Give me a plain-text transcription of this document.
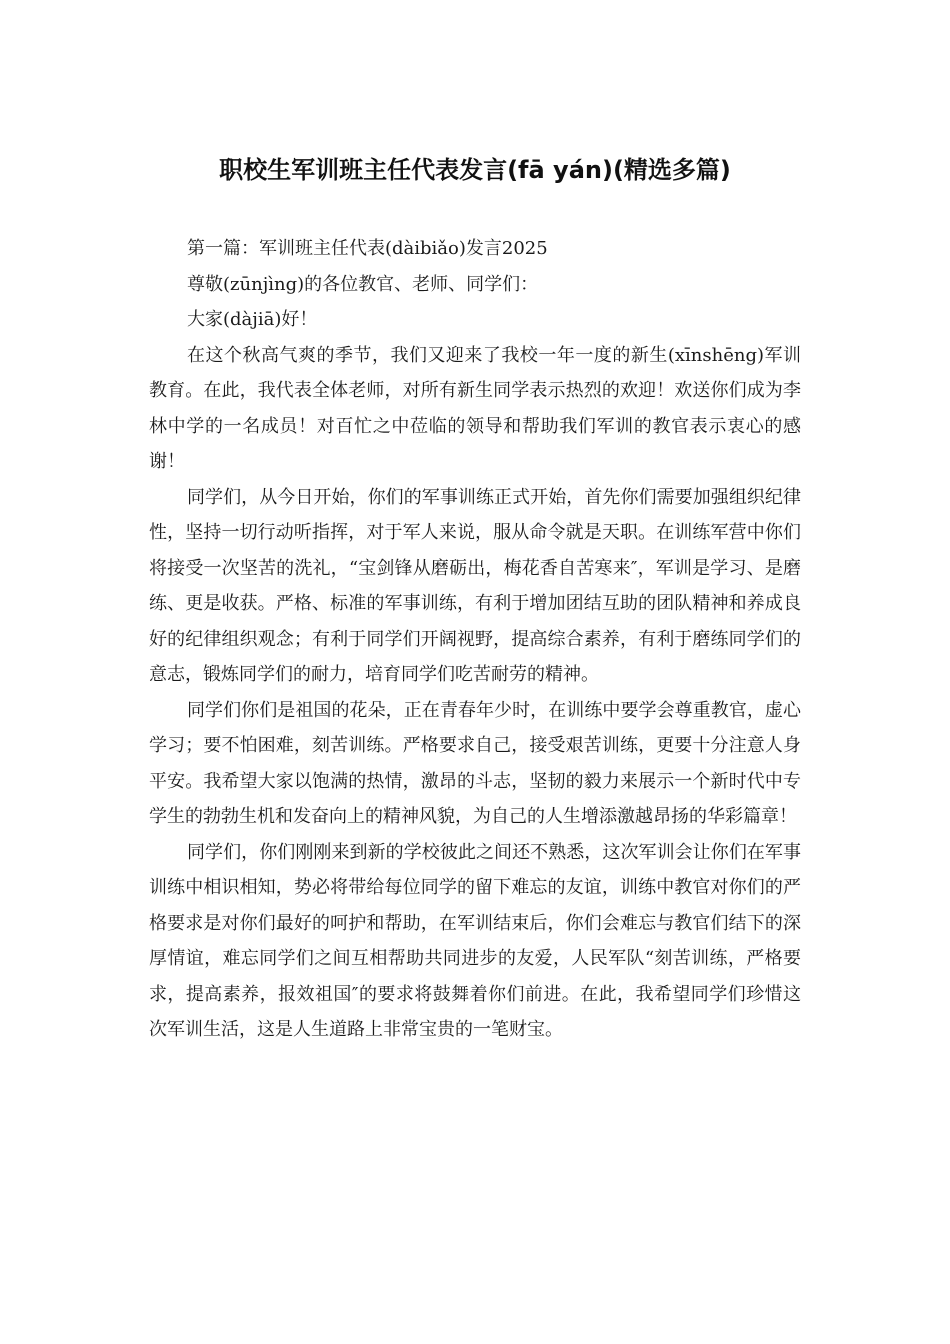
职校生军训班主任代表发言(fā yán)(精选多篇)

第一篇：军训班主任代表(dàibiǎo)发言2025

尊敬(zūnjìng)的各位教官、老师、同学们：

大家(dàjiā)好！

在这个秋高气爽的季节，我们又迎来了我校一年一度的新生(xīnshēng)军训教育。在此，我代表全体老师，对所有新生同学表示热烈的欢迎！欢送你们成为李林中学的一名成员！对百忙之中莅临的领导和帮助我们军训的教官表示衷心的感谢！

同学们，从今日开始，你们的军事训练正式开始，首先你们需要加强组织纪律性，坚持一切行动听指挥，对于军人来说，服从命令就是天职。在训练军营中你们将接受一次坚苦的洗礼，“宝剑锋从磨砺出，梅花香自苦寒来″，军训是学习、是磨练、更是收获。严格、标准的军事训练，有利于增加团结互助的团队精神和养成良好的纪律组织观念；有利于同学们开阔视野，提高综合素养，有利于磨练同学们的意志，锻炼同学们的耐力，培育同学们吃苦耐劳的精神。

同学们你们是祖国的花朵，正在青春年少时，在训练中要学会尊重教官，虚心学习；要不怕困难，刻苦训练。严格要求自己，接受艰苦训练，更要十分注意人身平安。我希望大家以饱满的热情，激昂的斗志，坚韧的毅力来展示一个新时代中专学生的勃勃生机和发奋向上的精神风貌，为自己的人生增添激越昂扬的华彩篇章！

同学们，你们刚刚来到新的学校彼此之间还不熟悉，这次军训会让你们在军事训练中相识相知，势必将带给每位同学的留下难忘的友谊，训练中教官对你们的严格要求是对你们最好的呵护和帮助，在军训结束后，你们会难忘与教官们结下的深厚情谊，难忘同学们之间互相帮助共同进步的友爱，人民军队“刻苦训练，严格要求，提高素养，报效祖国″的要求将鼓舞着你们前进。在此，我希望同学们珍惜这次军训生活，这是人生道路上非常宝贵的一笔财宝。
